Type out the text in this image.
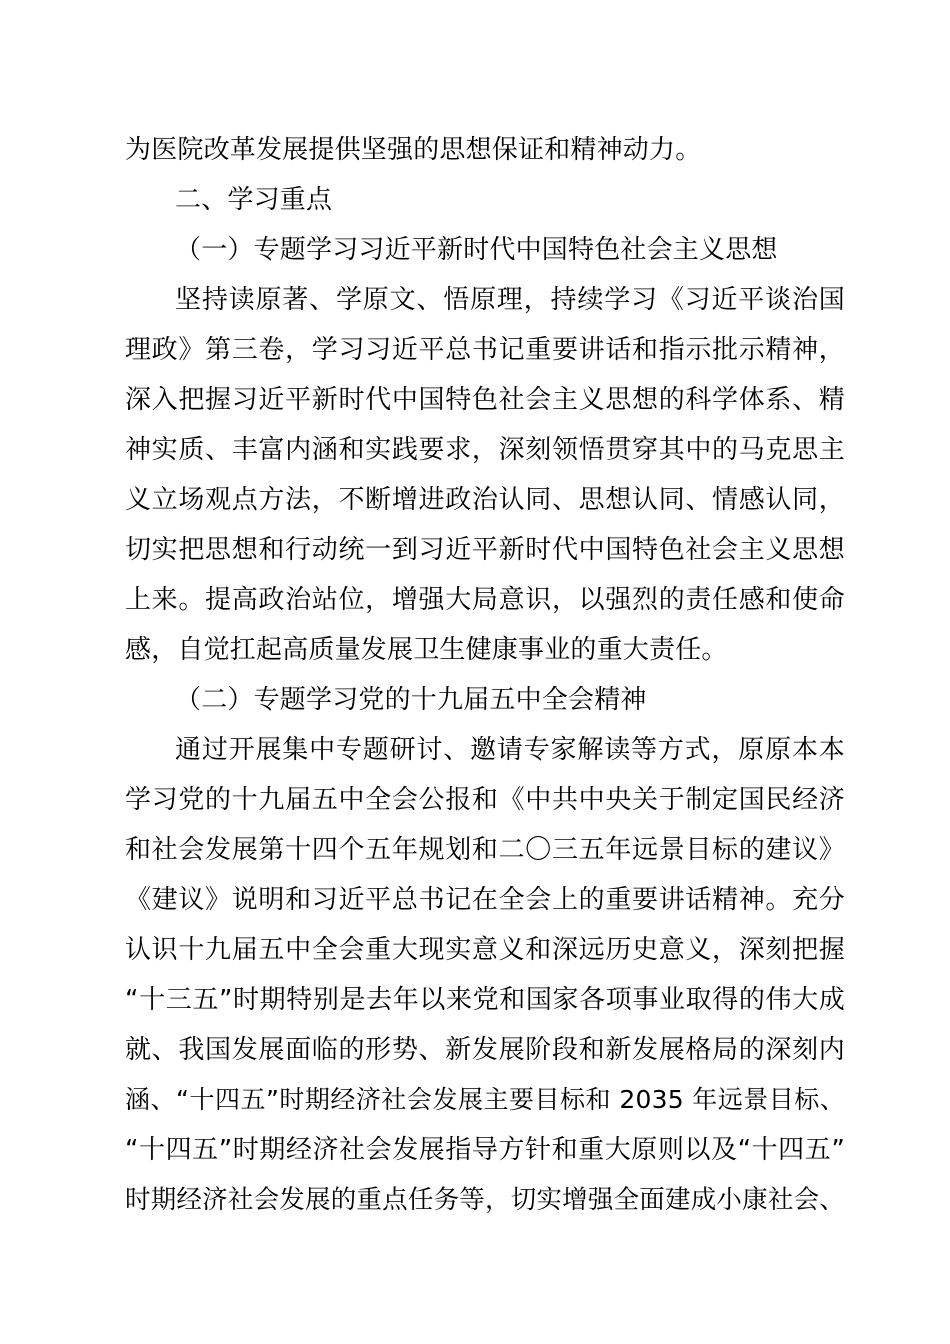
为医院改革发展提供坚强的思想保证和精神动力。
二、学习重点
（一）专题学习习近平新时代中国特色社会主义思想
坚持读原著、学原文、悟原理，持续学习《习近平谈治国
理政》第三卷，学习习近平总书记重要讲话和指示批示精神，
深入把握习近平新时代中国特色社会主义思想的科学体系、精
神实质、丰富内涵和实践要求，深刻领悟贯穿其中的马克思主
义立场观点方法，不断增进政治认同、思想认同、情感认同，
切实把思想和行动统一到习近平新时代中国特色社会主义思想
上来。提高政治站位，增强大局意识，以强烈的责任感和使命
感，自觉扛起高质量发展卫生健康事业的重大责任。
（二）专题学习党的十九届五中全会精神
通过开展集中专题研讨、邀请专家解读等方式，原原本本
学习党的十九届五中全会公报和《中共中央关于制定国民经济
和社会发展第十四个五年规划和二〇三五年远景目标的建议》
《建议》说明和习近平总书记在全会上的重要讲话精神。充分
认识十九届五中全会重大现实意义和深远历史意义，深刻把握
“十三五”时期特别是去年以来党和国家各项事业取得的伟大成
就、我国发展面临的形势、新发展阶段和新发展格局的深刻内
涵、“十四五”时期经济社会发展主要目标和 2035 年远景目标、
“十四五”时期经济社会发展指导方针和重大原则以及“十四五”
时期经济社会发展的重点任务等，切实增强全面建成小康社会、
